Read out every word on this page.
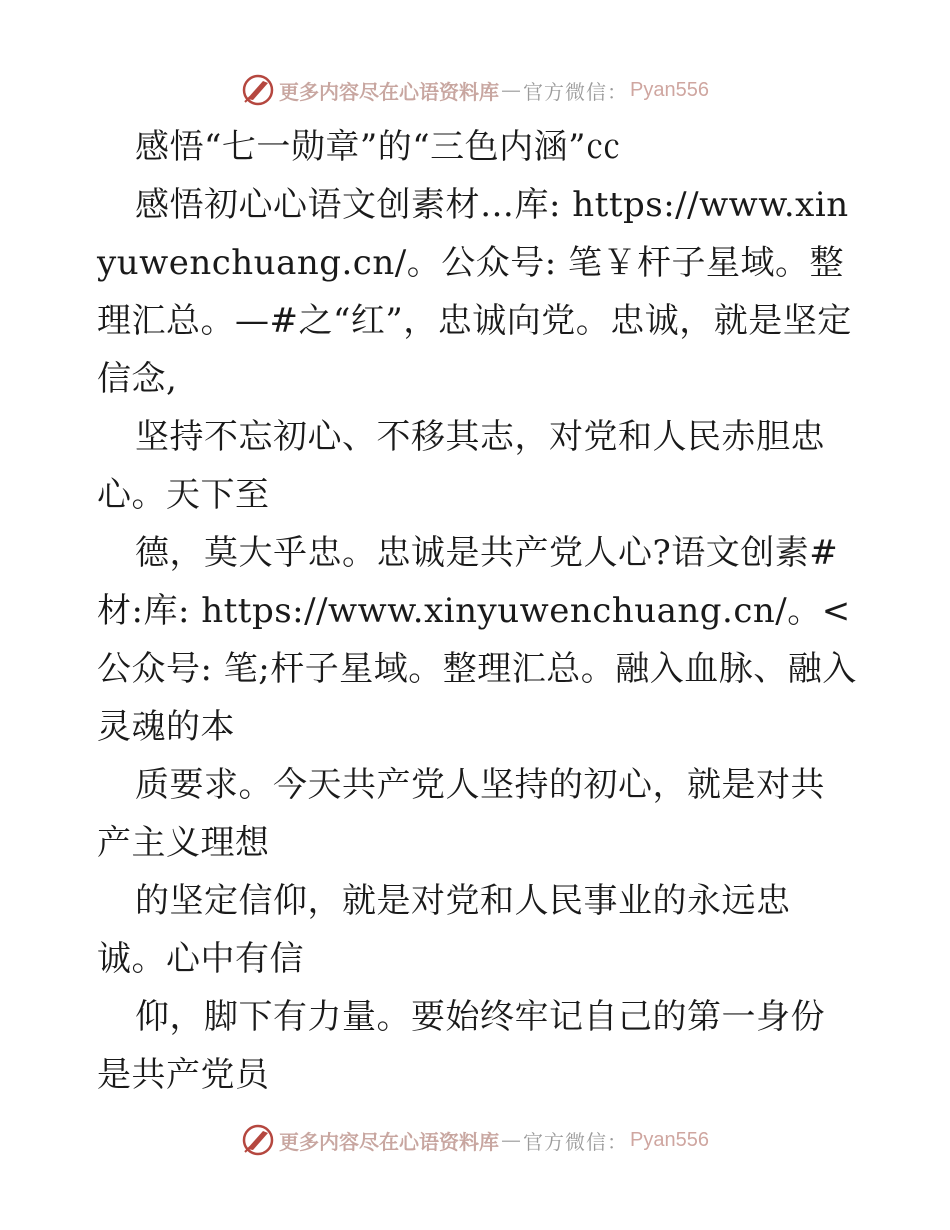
更多内容尽在心语资料库 — 官方微信： Pyan556

感悟“七一勋章”的“三色内涵”㏄

感悟初心心语文创素材…库: https://www.xinyuwenchuang.cn/。公众号: 笔￥杆子星域。整理汇总。—#之“红”，忠诚向党。忠诚，就是坚定信念,

坚持不忘初心、不移其志，对党和人民赤胆忠心。天下至

德，莫大乎忠。忠诚是共产党人心?语文创素#材:库: https://www.xinyuwenchuang.cn/。<公众号: 笔;杆子星域。整理汇总。融入血脉、融入灵魂的本

质要求。今天共产党人坚持的初心，就是对共产主义理想

的坚定信仰，就是对党和人民事业的永远忠诚。心中有信

仰，脚下有力量。要始终牢记自己的第一身份是共产党员

更多内容尽在心语资料库 — 官方微信： Pyan556
